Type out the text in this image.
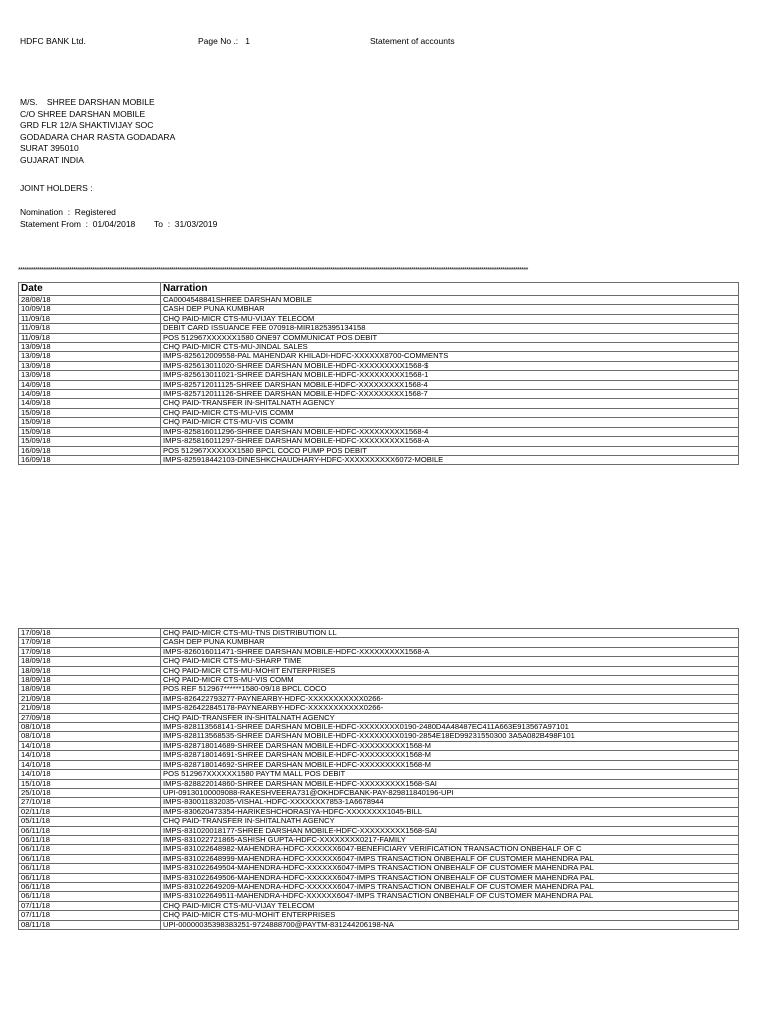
HDFC BANK Ltd.	Page No .:   1	Statement of accounts
M/S.    SHREE DARSHAN MOBILE
C/O SHREE DARSHAN MOBILE
GRD FLR 12/A SHAKTIVIJAY SOC
GODADARA CHAR RASTA GODADARA
SURAT 395010
GUJARAT INDIA
JOINT HOLDERS :
Nomination  :  Registered
Statement From  :  01/04/2018        To  :  31/03/2019
************************************************************************************************************************************************************************************************************************************************
Date	Narration
28/08/18	CA0004548841SHREE DARSHAN MOBILE
10/09/18	CASH DEP PUNA KUMBHAR
11/09/18	CHQ PAID-MICR CTS-MU-VIJAY TELECOM
11/09/18	DEBIT CARD ISSUANCE FEE 070918-MIR1825395134158
11/09/18	POS 512967XXXXXX1580 ONE97 COMMUNICAT POS DEBIT
13/09/18	CHQ PAID-MICR CTS-MU-JINDAL SALES
13/09/18	IMPS-825612009558-PAL MAHENDAR KHILADI-HDFC-XXXXXX8700-COMMENTS
13/09/18	IMPS-825613011020-SHREE DARSHAN MOBILE-HDFC-XXXXXXXXX1568-$
13/09/18	IMPS-825613011021-SHREE DARSHAN MOBILE-HDFC-XXXXXXXXX1568-1
14/09/18	IMPS-825712011125-SHREE DARSHAN MOBILE-HDFC-XXXXXXXXX1568-4
14/09/18	IMPS-825712011126-SHREE DARSHAN MOBILE-HDFC-XXXXXXXXX1568-7
14/09/18	CHQ PAID-TRANSFER IN-SHITALNATH AGENCY
15/09/18	CHQ PAID-MICR CTS-MU-VIS COMM
15/09/18	CHQ PAID-MICR CTS-MU-VIS COMM
15/09/18	IMPS-825816011296-SHREE DARSHAN MOBILE-HDFC-XXXXXXXXX1568-4
15/09/18	IMPS-825816011297-SHREE DARSHAN MOBILE-HDFC-XXXXXXXXX1568-A
16/09/18	POS 512967XXXXXX1580 BPCL COCO PUMP POS DEBIT
16/09/18	IMPS-825918442103-DINESHKCHAUDHARY-HDFC-XXXXXXXXXX6072-MOBILE
17/09/18	CHQ PAID-MICR CTS-MU-TNS DISTRIBUTION LL
17/09/18	CASH DEP PUNA KUMBHAR
17/09/18	IMPS-826016011471-SHREE DARSHAN MOBILE-HDFC-XXXXXXXXX1568-A
18/09/18	CHQ PAID-MICR CTS-MU-SHARP TIME
18/09/18	CHQ PAID-MICR CTS-MU-MOHIT ENTERPRISES
18/09/18	CHQ PAID-MICR CTS-MU-VIS COMM
18/09/18	POS REF 512967******1580-09/18 BPCL COCO
21/09/18	IMPS-826422793277-PAYNEARBY-HDFC-XXXXXXXXXXX0266-
21/09/18	IMPS-826422845178-PAYNEARBY-HDFC-XXXXXXXXXXX0266-
27/09/18	CHQ PAID-TRANSFER IN-SHITALNATH AGENCY
08/10/18	IMPS-828113568141-SHREE DARSHAN MOBILE-HDFC-XXXXXXXX0190-2480D4A48487EC411A663E913567A97101
08/10/18	IMPS-828113568535-SHREE DARSHAN MOBILE-HDFC-XXXXXXXX0190-2854E18ED99231550300 3A5A082B498F101
14/10/18	IMPS-828718014689-SHREE DARSHAN MOBILE-HDFC-XXXXXXXXX1568-M
14/10/18	IMPS-828718014691-SHREE DARSHAN MOBILE-HDFC-XXXXXXXXX1568-M
14/10/18	IMPS-828718014692-SHREE DARSHAN MOBILE-HDFC-XXXXXXXXX1568-M
14/10/18	POS 512967XXXXXX1580 PAYTM MALL POS DEBIT
15/10/18	IMPS-828822014860-SHREE DARSHAN MOBILE-HDFC-XXXXXXXXX1568-SAI
25/10/18	UPI-09130100009088-RAKESHVEERA731@OKHDFCBANK-PAY-829811840196-UPI
27/10/18	IMPS-830011832035-VISHAL-HDFC-XXXXXXX7853-1A6678944
02/11/18	IMPS-830620473354-HARIKESHCHORASIYA-HDFC-XXXXXXXX1045-BILL
05/11/18	CHQ PAID-TRANSFER IN-SHITALNATH AGENCY
06/11/18	IMPS-831020018177-SHREE DARSHAN MOBILE-HDFC-XXXXXXXXX1568-SAI
06/11/18	IMPS-831022721865-ASHISH GUPTA-HDFC-XXXXXXXX0217-FAMILY
06/11/18	IMPS-831022648982-MAHENDRA-HDFC-XXXXXX6047-BENEFICIARY VERIFICATION TRANSACTION ONBEHALF OF C
06/11/18	IMPS-831022648999-MAHENDRA-HDFC-XXXXXX6047-IMPS TRANSACTION ONBEHALF OF CUSTOMER MAHENDRA PAL
06/11/18	IMPS-831022649504-MAHENDRA-HDFC-XXXXXX6047-IMPS TRANSACTION ONBEHALF OF CUSTOMER MAHENDRA PAL
06/11/18	IMPS-831022649506-MAHENDRA-HDFC-XXXXXX6047-IMPS TRANSACTION ONBEHALF OF CUSTOMER MAHENDRA PAL
06/11/18	IMPS-831022649209-MAHENDRA-HDFC-XXXXXX6047-IMPS TRANSACTION ONBEHALF OF CUSTOMER MAHENDRA PAL
06/11/18	IMPS-831022649511-MAHENDRA-HDFC-XXXXXX6047-IMPS TRANSACTION ONBEHALF OF CUSTOMER MAHENDRA PAL
07/11/18	CHQ PAID-MICR CTS-MU-VIJAY TELECOM
07/11/18	CHQ PAID-MICR CTS-MU-MOHIT ENTERPRISES
08/11/18	UPI-00000035398383251-9724888700@PAYTM-831244206198-NA
